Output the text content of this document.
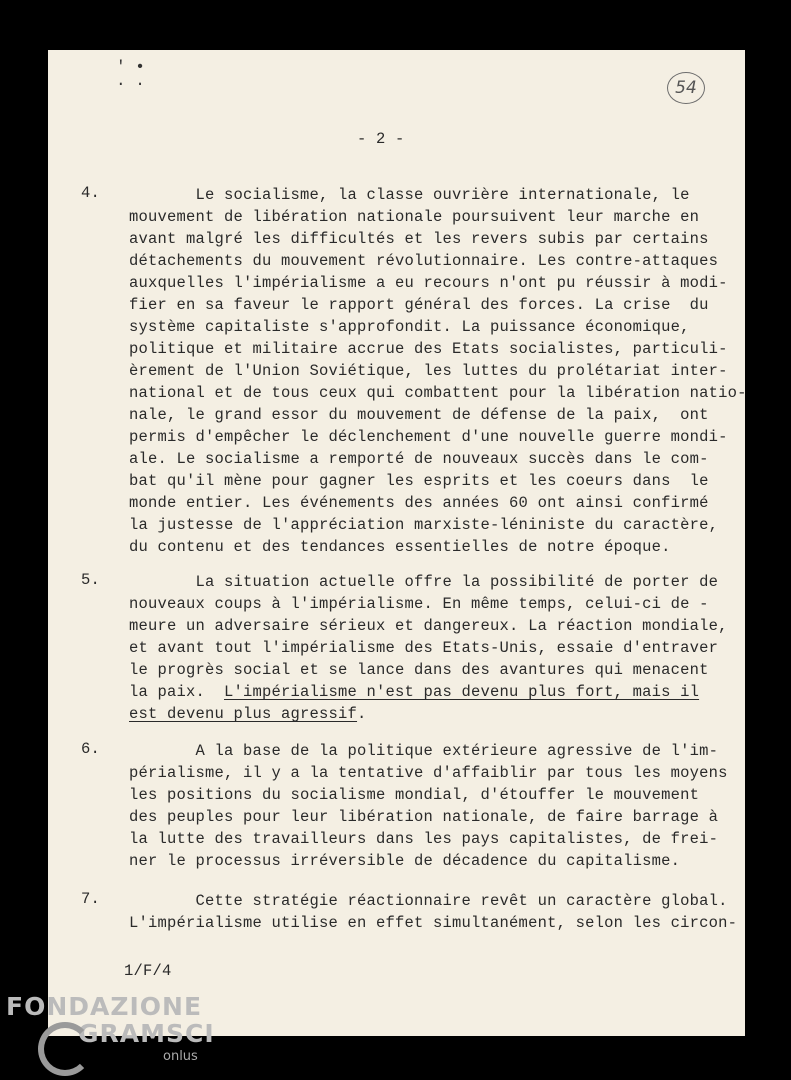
' •
. .	54
- 2 -
4. Le socialisme, la classe ouvrière internationale, le
mouvement de libération nationale poursuivent leur marche en
avant malgré les difficultés et les revers subis par certains
détachements du mouvement révolutionnaire. Les contre-attaques
auxquelles l'impérialisme a eu recours n'ont pu réussir à modi-
fier en sa faveur le rapport général des forces. La crise  du
système capitaliste s'approfondit. La puissance économique,
politique et militaire accrue des Etats socialistes, particuli-
èrement de l'Union Soviétique, les luttes du prolétariat inter-
national et de tous ceux qui combattent pour la libération natio-
nale, le grand essor du mouvement de défense de la paix,  ont
permis d'empêcher le déclenchement d'une nouvelle guerre mondi-
ale. Le socialisme a remporté de nouveaux succès dans le com-
bat qu'il mène pour gagner les esprits et les coeurs dans  le
monde entier. Les événements des années 60 ont ainsi confirmé
la justesse de l'appréciation marxiste-léniniste du caractère,
du contenu et des tendances essentielles de notre époque.
5. La situation actuelle offre la possibilité de porter de
nouveaux coups à l'impérialisme. En même temps, celui-ci de -
meure un adversaire sérieux et dangereux. La réaction mondiale,
et avant tout l'impérialisme des Etats-Unis, essaie d'entraver
le progrès social et se lance dans des avantures qui menacent
la paix.  L'impérialisme n'est pas devenu plus fort, mais il
est devenu plus agressif.
6. A la base de la politique extérieure agressive de l'im-
périalisme, il y a la tentative d'affaiblir par tous les moyens
les positions du socialisme mondial, d'étouffer le mouvement
des peuples pour leur libération nationale, de faire barrage à
la lutte des travailleurs dans les pays capitalistes, de frei-
ner le processus irréversible de décadence du capitalisme.
7. Cette stratégie réactionnaire revêt un caractère global.
L'impérialisme utilise en effet simultanément, selon les circon-
1/F/4
FONDAZIONE
GRAMSCI
onlus
